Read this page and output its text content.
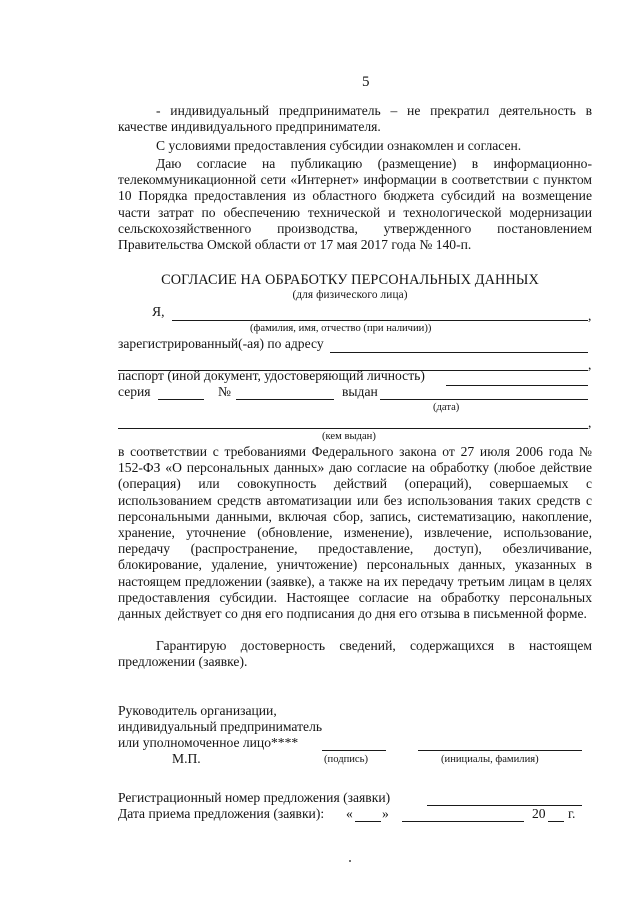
5
- индивидуальный предприниматель – не прекратил деятельность в качестве индивидуального предпринимателя.
С условиями предоставления субсидии ознакомлен и согласен.
Даю согласие на публикацию (размещение) в информационно-телекоммуникационной сети «Интернет» информации в соответствии с пунктом 10 Порядка предоставления из областного бюджета субсидий на возмещение части затрат по обеспечению технической и технологической модернизации сельскохозяйственного производства, утвержденного постановлением Правительства Омской области от 17 мая 2017 года № 140-п.
СОГЛАСИЕ НА ОБРАБОТКУ ПЕРСОНАЛЬНЫХ ДАННЫХ
(для физического лица)
Я,	,
(фамилия, имя, отчество (при наличии))
зарегистрированный(-ая) по адресу
,
паспорт (иной документ, удостоверяющий личность)
серия	№	выдан
(дата)
,
(кем выдан)
в соответствии с требованиями Федерального закона от 27 июля 2006 года № 152-ФЗ «О персональных данных» даю согласие на обработку (любое действие (операция) или совокупность действий (операций), совершаемых с использованием средств автоматизации или без использования таких средств с персональными данными, включая сбор, запись, систематизацию, накопление, хранение, уточнение (обновление, изменение), извлечение, использование, передачу (распространение, предоставление, доступ), обезличивание, блокирование, удаление, уничтожение) персональных данных, указанных в настоящем предложении (заявке), а также на их передачу третьим лицам в целях предоставления субсидии. Настоящее согласие на обработку персональных данных действует со дня его подписания до дня его отзыва в письменной форме.
Гарантирую достоверность сведений, содержащихся в настоящем предложении (заявке).
Руководитель организации,
индивидуальный предприниматель
или уполномоченное лицо****
М.П.	(подпись)	(инициалы, фамилия)
Регистрационный номер предложения (заявки)
Дата приема предложения (заявки): « »	20 г.
